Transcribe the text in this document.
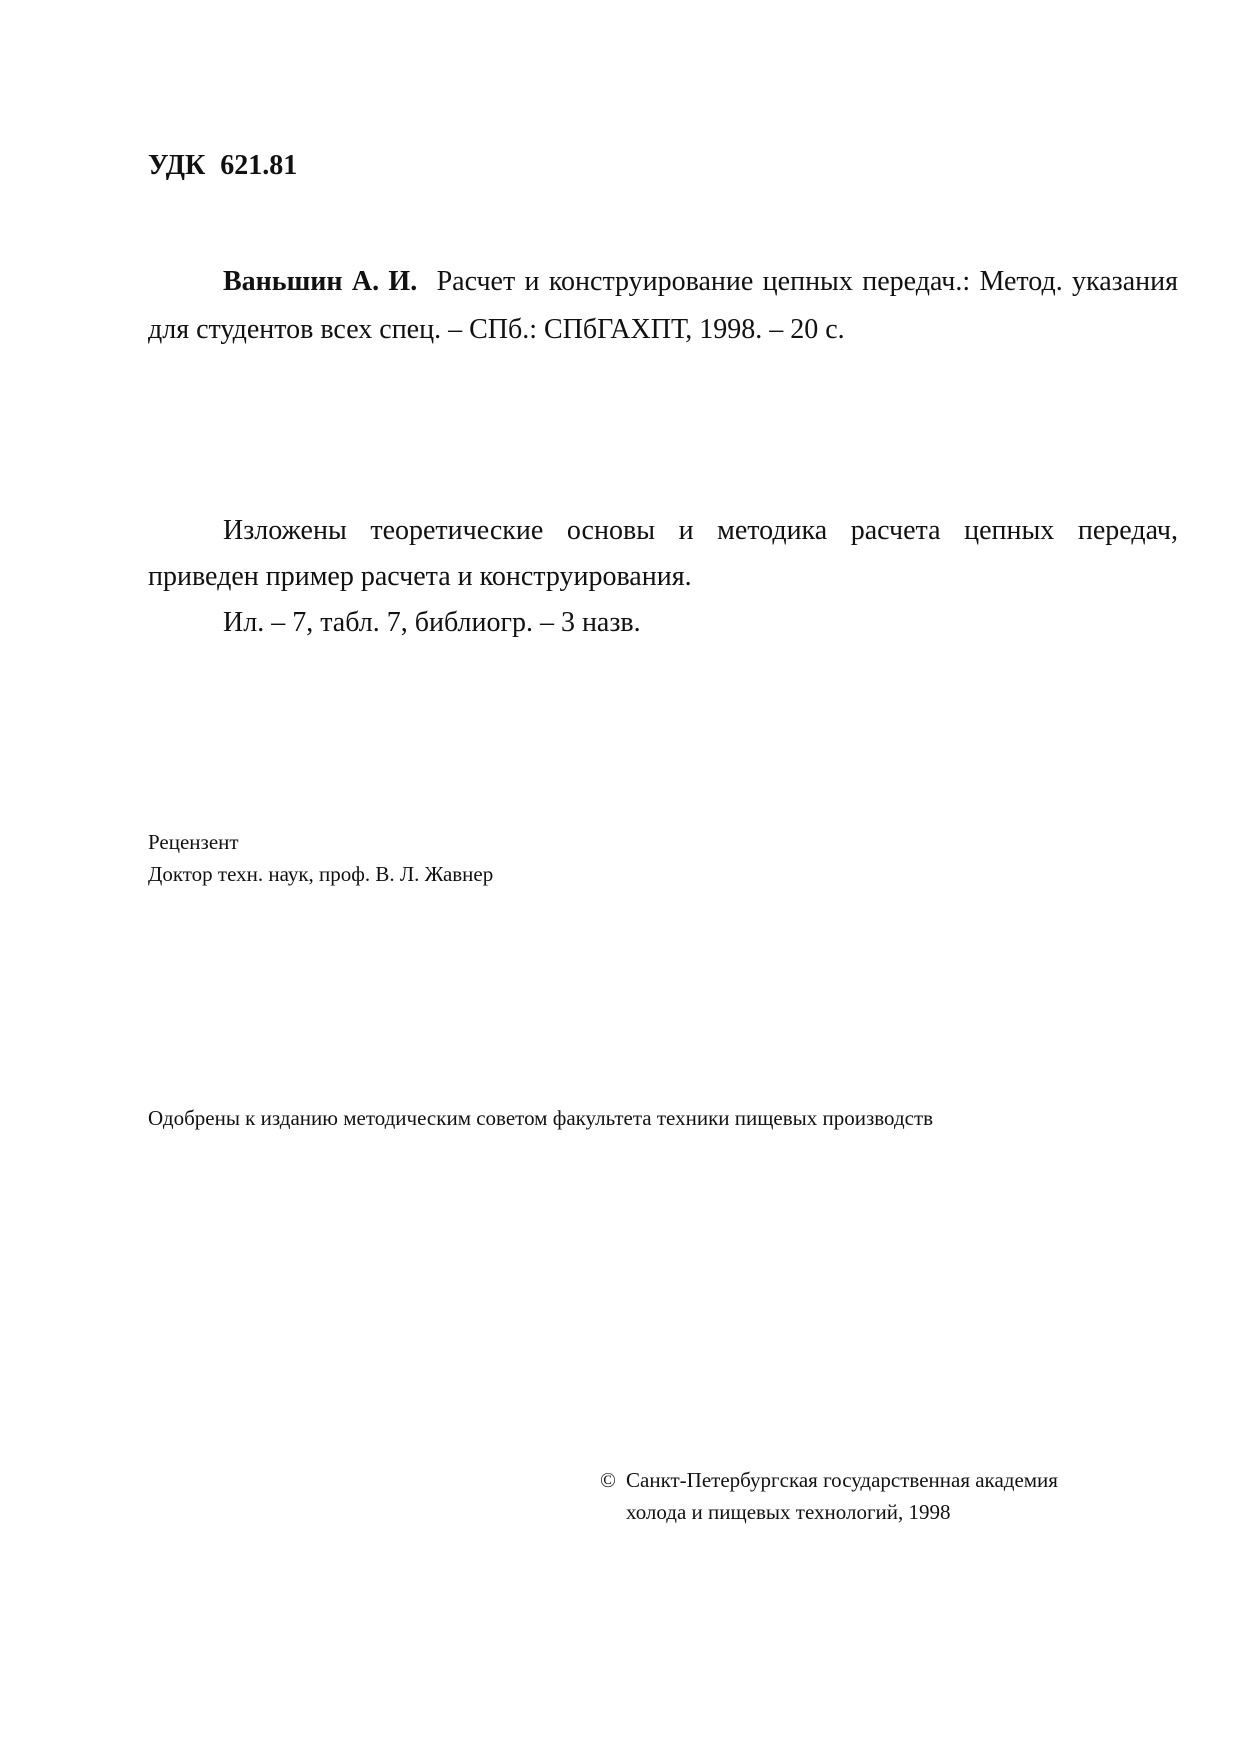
УДК 621.81
Ваньшин А. И. Расчет и конструирование цепных передач.: Метод. указания для студентов всех спец. – СПб.: СПбГАХПТ, 1998. – 20 с.

Изложены теоретические основы и методика расчета цепных передач, приведен пример расчета и конструирования.

Ил. – 7, табл. 7, библиогр. – 3 назв.

Рецензент
Доктор техн. наук, проф. В. Л. Жавнер
Одобрены к изданию методическим советом факультета техники пищевых производств
© Санкт-Петербургская государственная академия
холода и пищевых технологий, 1998
